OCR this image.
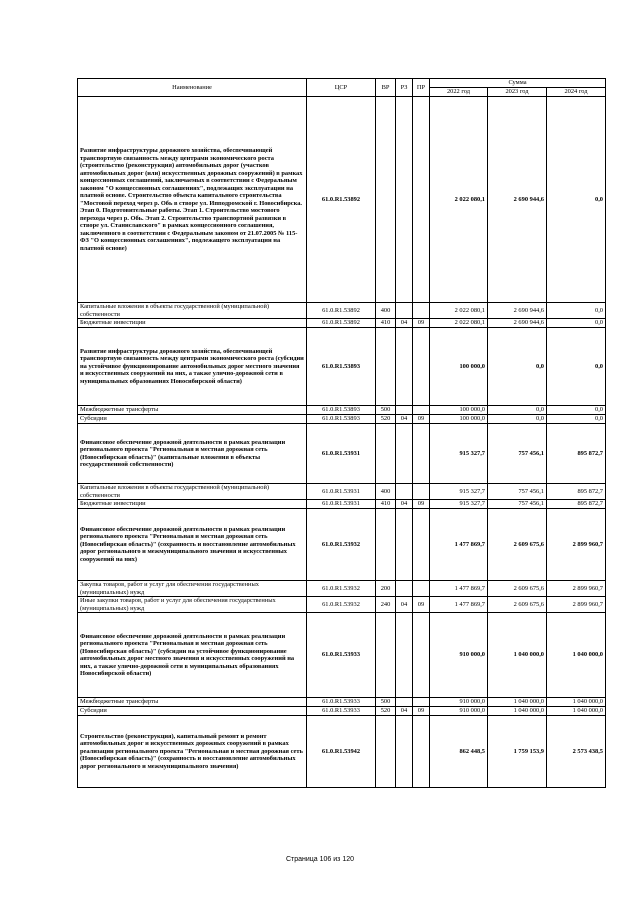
Наименование	ЦСР	ВР	РЗ	ПР	Сумма		
					2022 год	2023 год	2024 год
Развитие инфраструктуры дорожного хозяйства, обеспечивающей транспортную связанность между центрами экономического роста (строительство (реконструкция) автомобильных дорог (участков автомобильных дорог (или) искусственных дорожных сооружений) в рамках концессионных соглашений, заключаемых в соответствии с Федеральным законом "О концессионных соглашениях", подлежащих эксплуатации на платной основе. Строительство объекта капитального строительства "Мостовой переход через р. Обь в створе ул. Ипподромской г. Новосибирска. Этап 0. Подготовительные работы. Этап 1. Строительство мостового перехода через р. Обь. Этап 2. Строительство транспортной развязки в створе ул. Станиславского" в рамках концессионного соглашения, заключенного в соответствии с Федеральным законом от 21.07.2005 № 115-ФЗ "О концессионных соглашениях", подлежащего эксплуатации на платной основе)	61.0.R1.53892				2 022 080,1	2 690 944,6	0,0
Капитальные вложения в объекты государственной (муниципальной) собственности	61.0.R1.53892	400			2 022 080,1	2 690 944,6	0,0
Бюджетные инвестиции	61.0.R1.53892	410	04	09	2 022 080,1	2 690 944,6	0,0
Развитие инфраструктуры дорожного хозяйства, обеспечивающей транспортную связанность между центрами экономического роста (субсидии на устойчивое функционирование автомобильных дорог местного значения и искусственных сооружений на них, а также улично-дорожной сети в муниципальных образованиях Новосибирской области)	61.0.R1.53893				100 000,0	0,0	0,0
Межбюджетные трансферты	61.0.R1.53893	500			100 000,0	0,0	0,0
Субсидии	61.0.R1.53893	520	04	09	100 000,0	0,0	0,0
Финансовое обеспечение дорожной деятельности в рамках реализации регионального проекта "Региональная и местная дорожная сеть (Новосибирская область)" (капитальные вложения в объекты государственной собственности)	61.0.R1.53931				915 327,7	757 456,1	895 872,7
Капитальные вложения в объекты государственной (муниципальной) собственности	61.0.R1.53931	400			915 327,7	757 456,1	895 872,7
Бюджетные инвестиции	61.0.R1.53931	410	04	09	915 327,7	757 456,1	895 872,7
Финансовое обеспечение дорожной деятельности в рамках реализации регионального проекта "Региональная и местная дорожная сеть (Новосибирская область)" (сохранность и восстановление автомобильных дорог регионального и межмуниципального значения и искусственных сооружений на них)	61.0.R1.53932				1 477 869,7	2 609 675,6	2 899 960,7
Закупка товаров, работ и услуг для обеспечения государственных (муниципальных) нужд	61.0.R1.53932	200			1 477 869,7	2 609 675,6	2 899 960,7
Иные закупки товаров, работ и услуг для обеспечения государственных (муниципальных) нужд	61.0.R1.53932	240	04	09	1 477 869,7	2 609 675,6	2 899 960,7
Финансовое обеспечение дорожной деятельности в рамках реализации регионального проекта "Региональная и местная дорожная сеть (Новосибирская область)" (субсидии на устойчивое функционирование автомобильных дорог местного значения и искусственных сооружений на них, а также улично-дорожной сети в муниципальных образованиях Новосибирской области)	61.0.R1.53933				910 000,0	1 040 000,0	1 040 000,0
Межбюджетные трансферты	61.0.R1.53933	500			910 000,0	1 040 000,0	1 040 000,0
Субсидии	61.0.R1.53933	520	04	09	910 000,0	1 040 000,0	1 040 000,0
Строительство (реконструкция), капитальный ремонт и ремонт автомобильных дорог и искусственных дорожных сооружений в рамках реализации регионального проекта "Региональная и местная дорожная сеть (Новосибирская область)" (сохранность и восстановление автомобильных дорог регионального и межмуниципального значения)	61.0.R1.53942				862 448,5	1 759 153,9	2 573 438,5
Страница 106 из 120
